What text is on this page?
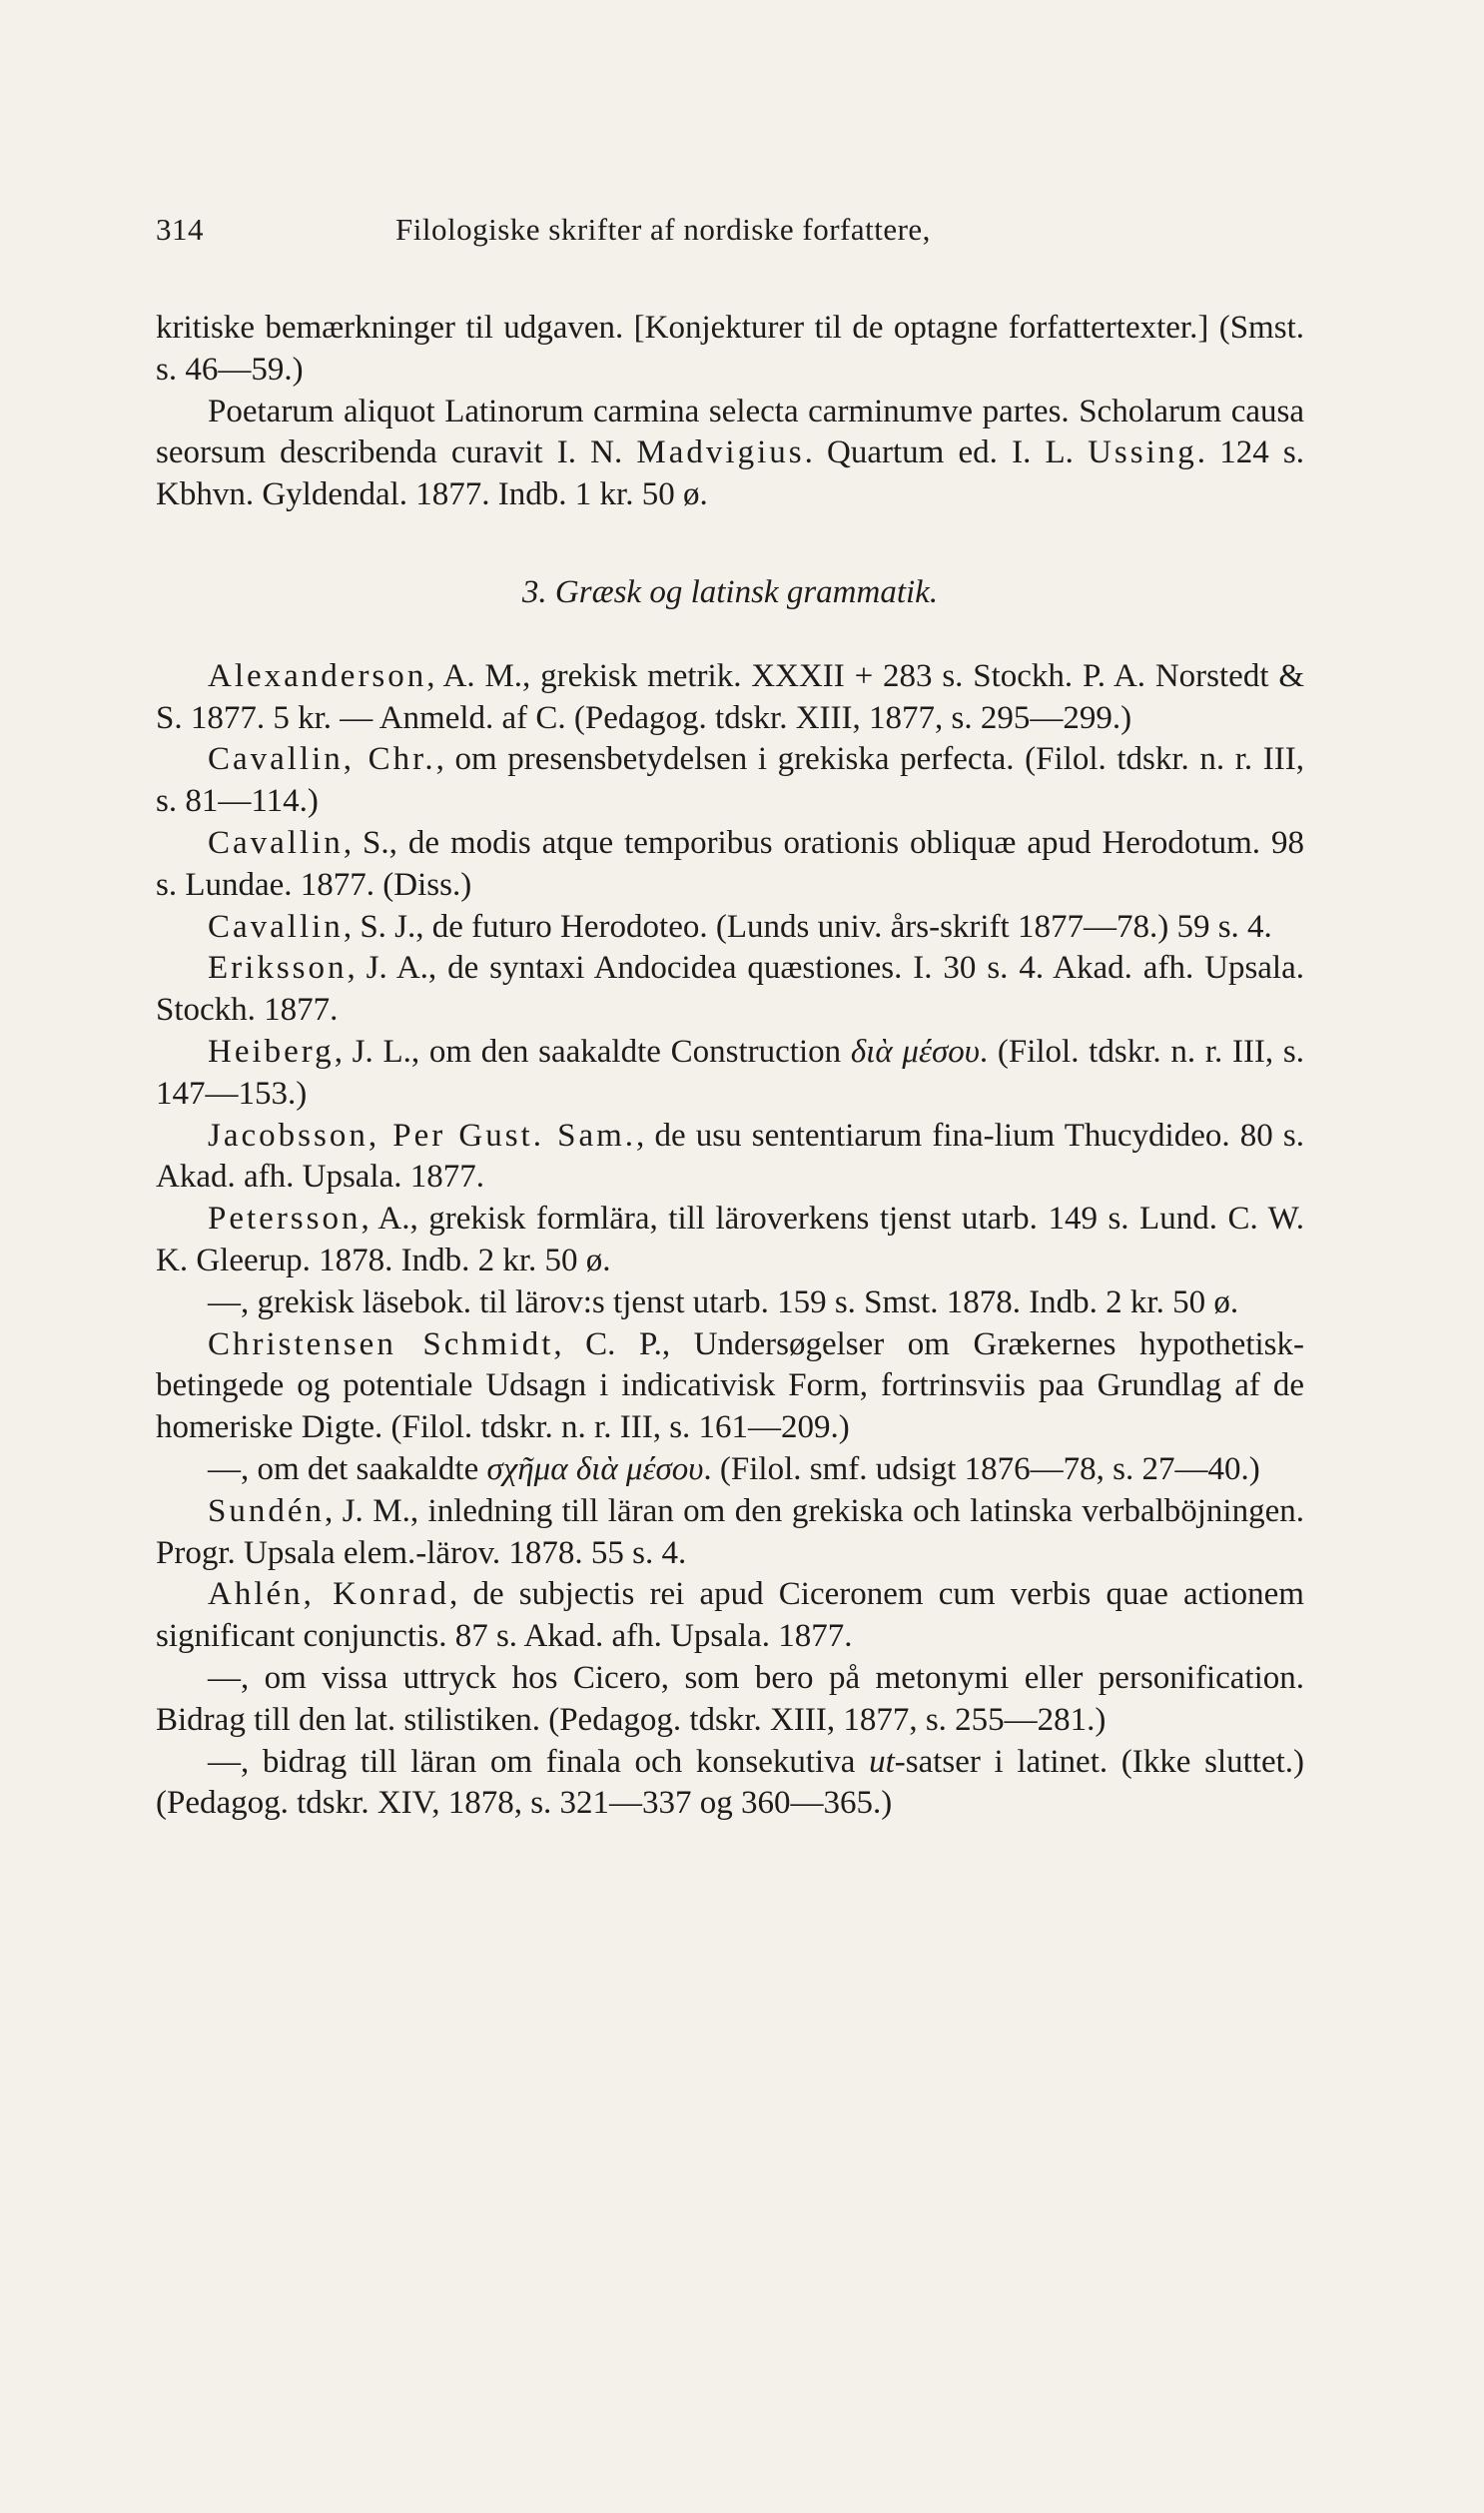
314	Filologiske skrifter af nordiske forfattere,

kritiske bemærkninger til udgaven. [Konjekturer til de optagne forfattertexter.] (Smst. s. 46—59.)

Poetarum aliquot Latinorum carmina selecta carminumve partes. Scholarum causa seorsum describenda curavit I. N. Madvigius. Quartum ed. I. L. Ussing. 124 s. Kbhvn. Gyldendal. 1877. Indb. 1 kr. 50 ø.

3. Græsk og latinsk grammatik.

Alexanderson, A. M., grekisk metrik. XXXII + 283 s. Stockh. P. A. Norstedt & S. 1877. 5 kr. — Anmeld. af C. (Pedagog. tdskr. XIII, 1877, s. 295—299.)

Cavallin, Chr., om presensbetydelsen i grekiska perfecta. (Filol. tdskr. n. r. III, s. 81—114.)

Cavallin, S., de modis atque temporibus orationis obliquæ apud Herodotum. 98 s. Lundae. 1877. (Diss.)

Cavallin, S. J., de futuro Herodoteo. (Lunds univ. års-skrift 1877—78.) 59 s. 4.

Eriksson, J. A., de syntaxi Andocidea quæstiones. I. 30 s. 4. Akad. afh. Upsala. Stockh. 1877.

Heiberg, J. L., om den saakaldte Construction διὰ μέσου. (Filol. tdskr. n. r. III, s. 147—153.)

Jacobsson, Per Gust. Sam., de usu sententiarum fina-lium Thucydideo. 80 s. Akad. afh. Upsala. 1877.

Petersson, A., grekisk formlära, till läroverkens tjenst utarb. 149 s. Lund. C. W. K. Gleerup. 1878. Indb. 2 kr. 50 ø.

—, grekisk läsebok. til lärov:s tjenst utarb. 159 s. Smst. 1878. Indb. 2 kr. 50 ø.

Christensen Schmidt, C. P., Undersøgelser om Grækernes hypothetisk-betingede og potentiale Udsagn i indicativisk Form, fortrinsviis paa Grundlag af de homeriske Digte. (Filol. tdskr. n. r. III, s. 161—209.)

—, om det saakaldte σχῆμα διὰ μέσου. (Filol. smf. udsigt 1876—78, s. 27—40.)

Sundén, J. M., inledning till läran om den grekiska och latinska verbalböjningen. Progr. Upsala elem.-lärov. 1878. 55 s. 4.

Ahlén, Konrad, de subjectis rei apud Ciceronem cum verbis quae actionem significant conjunctis. 87 s. Akad. afh. Upsala. 1877.

—, om vissa uttryck hos Cicero, som bero på metonymi eller personification. Bidrag till den lat. stilistiken. (Pedagog. tdskr. XIII, 1877, s. 255—281.)

—, bidrag till läran om finala och konsekutiva ut-satser i latinet. (Ikke sluttet.) (Pedagog. tdskr. XIV, 1878, s. 321—337 og 360—365.)
